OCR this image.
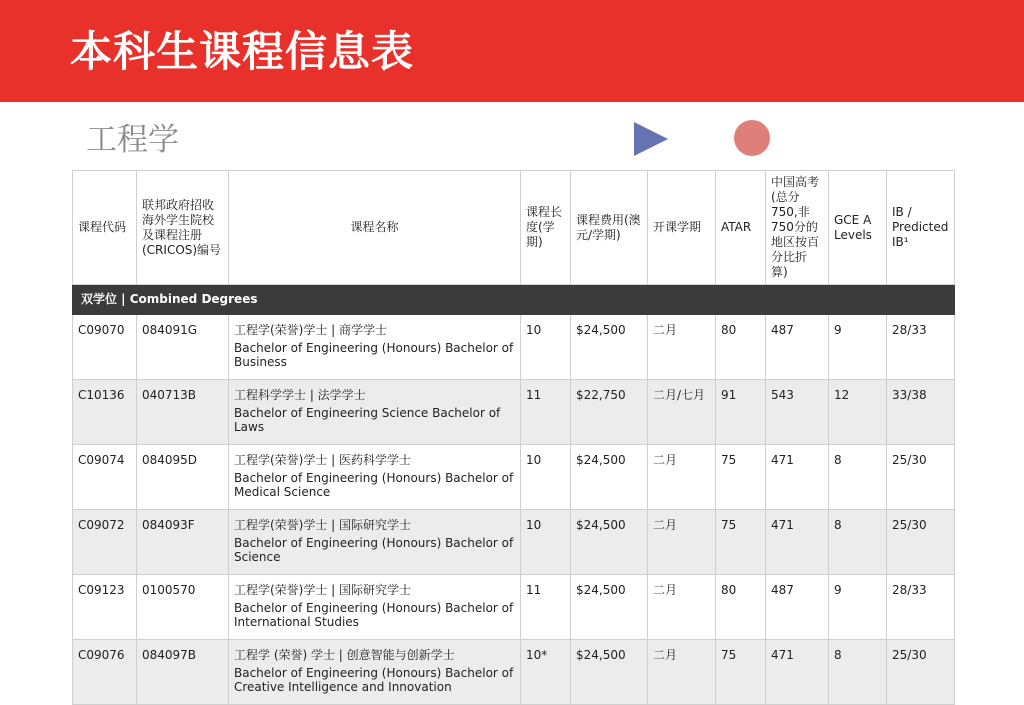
本科生课程信息表
工程学
课程代码	联邦政府招收海外学生院校及课程注册(CRICOS)编号	课程名称	课程长度(学期)	课程费用(澳元/学期)	开课学期	ATAR	中国高考(总分750,非750分的地区按百分比折算)	GCE A Levels	IB / Predicted IB¹
双学位 | Combined Degrees									
C09070	084091G	工程学(荣誉)学士 | 商学学士
Bachelor of Engineering (Honours) Bachelor of Business	10	$24,500	二月	80	487	9	28/33
C10136	040713B	工程科学学士 | 法学学士
Bachelor of Engineering Science Bachelor of Laws	11	$22,750	二月/七月	91	543	12	33/38
C09074	084095D	工程学(荣誉)学士 | 医药科学学士
Bachelor of Engineering (Honours) Bachelor of Medical Science	10	$24,500	二月	75	471	8	25/30
C09072	084093F	工程学(荣誉)学士 | 国际研究学士
Bachelor of Engineering (Honours) Bachelor of Science	10	$24,500	二月	75	471	8	25/30
C09123	0100570	工程学(荣誉)学士 | 国际研究学士
Bachelor of Engineering (Honours) Bachelor of International Studies	11	$24,500	二月	80	487	9	28/33
C09076	084097B	工程学 (荣誉) 学士 | 创意智能与创新学士
Bachelor of Engineering (Honours) Bachelor of Creative Intelligence and Innovation	10*	$24,500	二月	75	471	8	25/30
